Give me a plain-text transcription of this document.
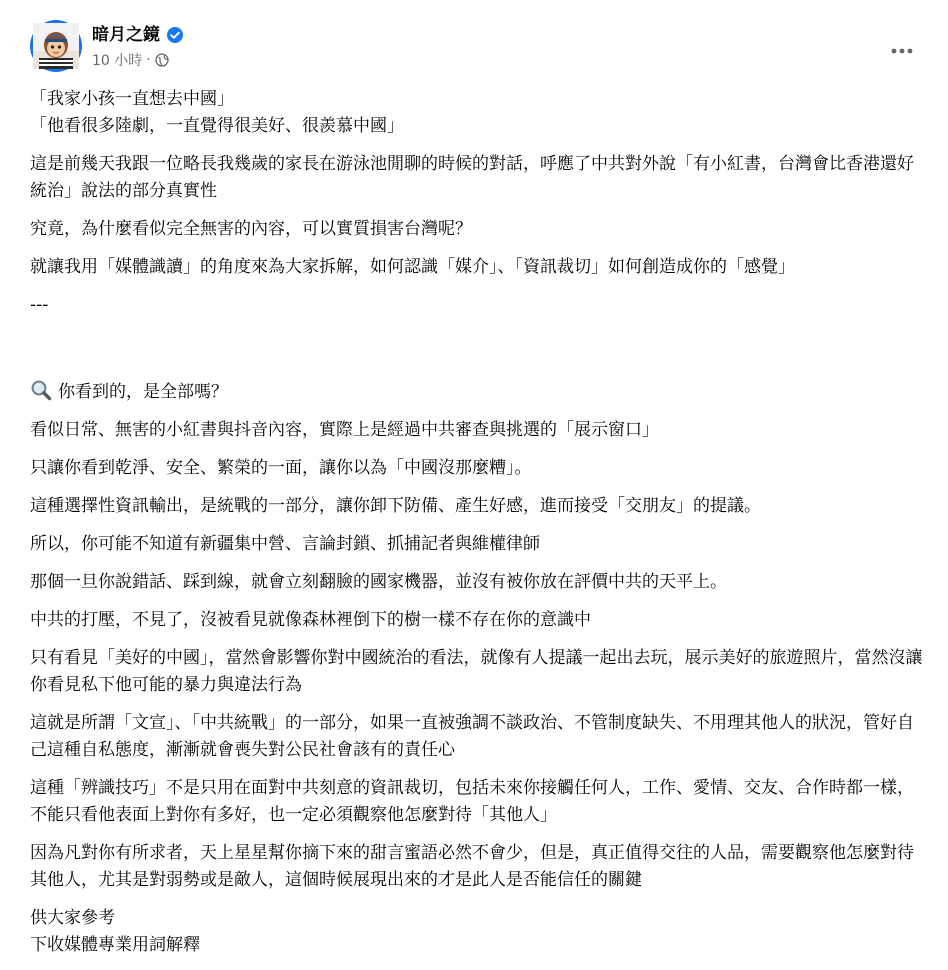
暗月之鏡
10 小時 ·
「我家小孩一直想去中國」
「他看很多陸劇，一直覺得很美好、很羨慕中國」
這是前幾天我跟一位略長我幾歲的家長在游泳池閒聊的時候的對話，呼應了中共對外說「有小紅書，台灣會比香港還好統治」說法的部分真實性
究竟，為什麼看似完全無害的內容，可以實質損害台灣呢？
就讓我用「媒體識讀」的角度來為大家拆解，如何認識「媒介」、「資訊裁切」如何創造成你的「感覺」
---

你看到的，是全部嗎？

看似日常、無害的小紅書與抖音內容，實際上是經過中共審查與挑選的「展示窗口」
只讓你看到乾淨、安全、繁榮的一面，讓你以為「中國沒那麼糟」。
這種選擇性資訊輸出，是統戰的一部分，讓你卸下防備、產生好感，進而接受「交朋友」的提議。
所以，你可能不知道有新疆集中營、言論封鎖、抓捕記者與維權律師
那個一旦你說錯話、踩到線，就會立刻翻臉的國家機器，並沒有被你放在評價中共的天平上。
中共的打壓，不見了，沒被看見就像森林裡倒下的樹一樣不存在你的意識中
只有看見「美好的中國」，當然會影響你對中國統治的看法，就像有人提議一起出去玩，展示美好的旅遊照片，當然沒讓你看見私下他可能的暴力與違法行為
這就是所謂「文宣」、「中共統戰」的一部分，如果一直被強調不談政治、不管制度缺失、不用理其他人的狀況，管好自己這種自私態度，漸漸就會喪失對公民社會該有的責任心
這種「辨識技巧」不是只用在面對中共刻意的資訊裁切，包括未來你接觸任何人，工作、愛情、交友、合作時都一樣，不能只看他表面上對你有多好，也一定必須觀察他怎麼對待「其他人」
因為凡對你有所求者，天上星星幫你摘下來的甜言蜜語必然不會少，但是，真正值得交往的人品，需要觀察他怎麼對待其他人，尤其是對弱勢或是敵人，這個時候展現出來的才是此人是否能信任的關鍵
供大家參考
下收媒體專業用詞解釋
